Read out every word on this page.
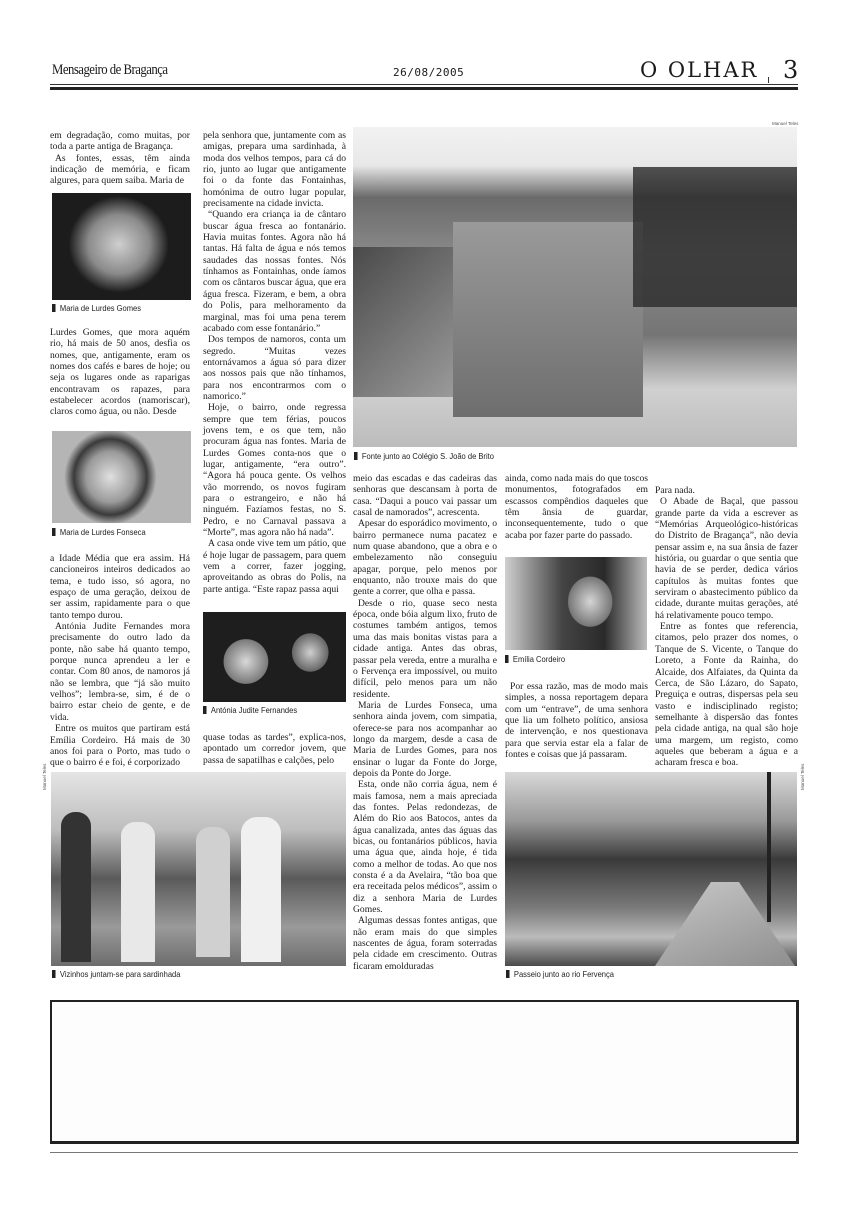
Mensageiro de Bragança	26/08/2005	O OLHAR 3

em degradação, como muitas, por toda a parte antiga de Bragança.

As fontes, essas, têm ainda indicação de memória, e ficam algures, para quem saiba. Maria de

Maria de Lurdes Gomes

Lurdes Gomes, que mora aquém rio, há mais de 50 anos, desfia os nomes, que, antigamente, eram os nomes dos cafés e bares de hoje; ou seja os lugares onde as raparigas encontravam os rapazes, para estabelecer acordos (namoriscar), claros como água, ou não. Desde

Maria de Lurdes Fonseca

a Idade Média que era assim. Há cancioneiros inteiros dedicados ao tema, e tudo isso, só agora, no espaço de uma geração, deixou de ser assim, rapidamente para o que tanto tempo durou.

Antónia Judite Fernandes mora precisamente do outro lado da ponte, não sabe há quanto tempo, porque nunca aprendeu a ler e contar. Com 80 anos, de namoros já não se lembra, que “já são muito velhos”; lembra-se, sim, é de o bairro estar cheio de gente, e de vida.

Entre os muitos que partiram está Emília Cordeiro. Há mais de 30 anos foi para o Porto, mas tudo o que o bairro é e foi, é corporizado

pela senhora que, juntamente com as amigas, prepara uma sardinhada, à moda dos velhos tempos, para cá do rio, junto ao lugar que antigamente foi o da fonte das Fontainhas, homónima de outro lugar popular, precisamente na cidade invicta.

“Quando era criança ia de cântaro buscar água fresca ao fontanário. Havia muitas fontes. Agora não há tantas. Há falta de água e nós temos saudades das nossas fontes. Nós tínhamos as Fontainhas, onde íamos com os cântaros buscar água, que era água fresca. Fizeram, e bem, a obra do Polis, para melhoramento da marginal, mas foi uma pena terem acabado com esse fontanário.”

Dos tempos de namoros, conta um segredo. “Muitas vezes entornávamos a água só para dizer aos nossos pais que não tínhamos, para nos encontrarmos com o namorico.”

Hoje, o bairro, onde regressa sempre que tem férias, poucos jovens tem, e os que tem, não procuram água nas fontes. Maria de Lurdes Gomes conta-nos que o lugar, antigamente, “era outro”. “Agora há pouca gente. Os velhos vão morrendo, os novos fugiram para o estrangeiro, e não há ninguém. Fazíamos festas, no S. Pedro, e no Carnaval passava a “Morte”, mas agora não há nada”.

A casa onde vive tem um pátio, que é hoje lugar de passagem, para quem vem a correr, fazer jogging, aproveitando as obras do Polis, na parte antiga. “Este rapaz passa aqui

Antónia Judite Fernandes

quase todas as tardes”, explica-nos, apontado um corredor jovem, que passa de sapatilhas e calções, pelo

Manuel Teles
Fonte junto ao Colégio S. João de Brito

meio das escadas e das cadeiras das senhoras que descansam à porta de casa. “Daqui a pouco vai passar um casal de namorados”, acrescenta.

Apesar do esporádico movimento, o bairro permanece numa pacatez e num quase abandono, que a obra e o embelezamento não conseguiu apagar, porque, pelo menos por enquanto, não trouxe mais do que gente a correr, que olha e passa.

Desde o rio, quase seco nesta época, onde bóia algum lixo, fruto de costumes também antigos, temos uma das mais bonitas vistas para a cidade antiga. Antes das obras, passar pela vereda, entre a muralha e o Fervença era impossível, ou muito difícil, pelo menos para um não residente.

Maria de Lurdes Fonseca, uma senhora ainda jovem, com simpatia, oferece-se para nos acompanhar ao longo da margem, desde a casa de Maria de Lurdes Gomes, para nos ensinar o lugar da Fonte do Jorge, depois da Ponte do Jorge.

Esta, onde não corria água, nem é mais famosa, nem a mais apreciada das fontes. Pelas redondezas, de Além do Rio aos Batocos, antes da água canalizada, antes das águas das bicas, ou fontanários públicos, havia uma água que, ainda hoje, é tida como a melhor de todas. Ao que nos consta é a da Avelaira, “tão boa que era receitada pelos médicos”, assim o diz a senhora Maria de Lurdes Gomes.

Algumas dessas fontes antigas, que não eram mais do que simples nascentes de água, foram soterradas pela cidade em crescimento. Outras ficaram emolduradas

ainda, como nada mais do que toscos monumentos, fotografados em escassos compêndios daqueles que têm ânsia de guardar, inconsequentemente, tudo o que acaba por fazer parte do passado.

Emília Cordeiro

Por essa razão, mas de modo mais simples, a nossa reportagem depara com um “entrave”, de uma senhora que lia um folheto político, ansiosa de intervenção, e nos questionava para que servia estar ela a falar de fontes e coisas que já passaram.

Para nada.

O Abade de Baçal, que passou grande parte da vida a escrever as “Memórias Arqueológico-históricas do Distrito de Bragança”, não devia pensar assim e, na sua ânsia de fazer história, ou guardar o que sentia que havia de se perder, dedica vários capítulos às muitas fontes que serviram o abastecimento público da cidade, durante muitas gerações, até há relativamente pouco tempo.

Entre as fontes que referencia, citamos, pelo prazer dos nomes, o Tanque de S. Vicente, o Tanque do Loreto, a Fonte da Rainha, do Alcaide, dos Alfaiates, da Quinta da Cerca, de São Lázaro, do Sapato, Preguiça e outras, dispersas pela seu vasto e indisciplinado registo; semelhante à dispersão das fontes pela cidade antiga, na qual são hoje uma margem, um registo, como aqueles que beberam a água e a acharam fresca e boa.

Manuel Teles
Vizinhos juntam-se para sardinhada
Manuel Teles
Passeio junto ao rio Fervença
